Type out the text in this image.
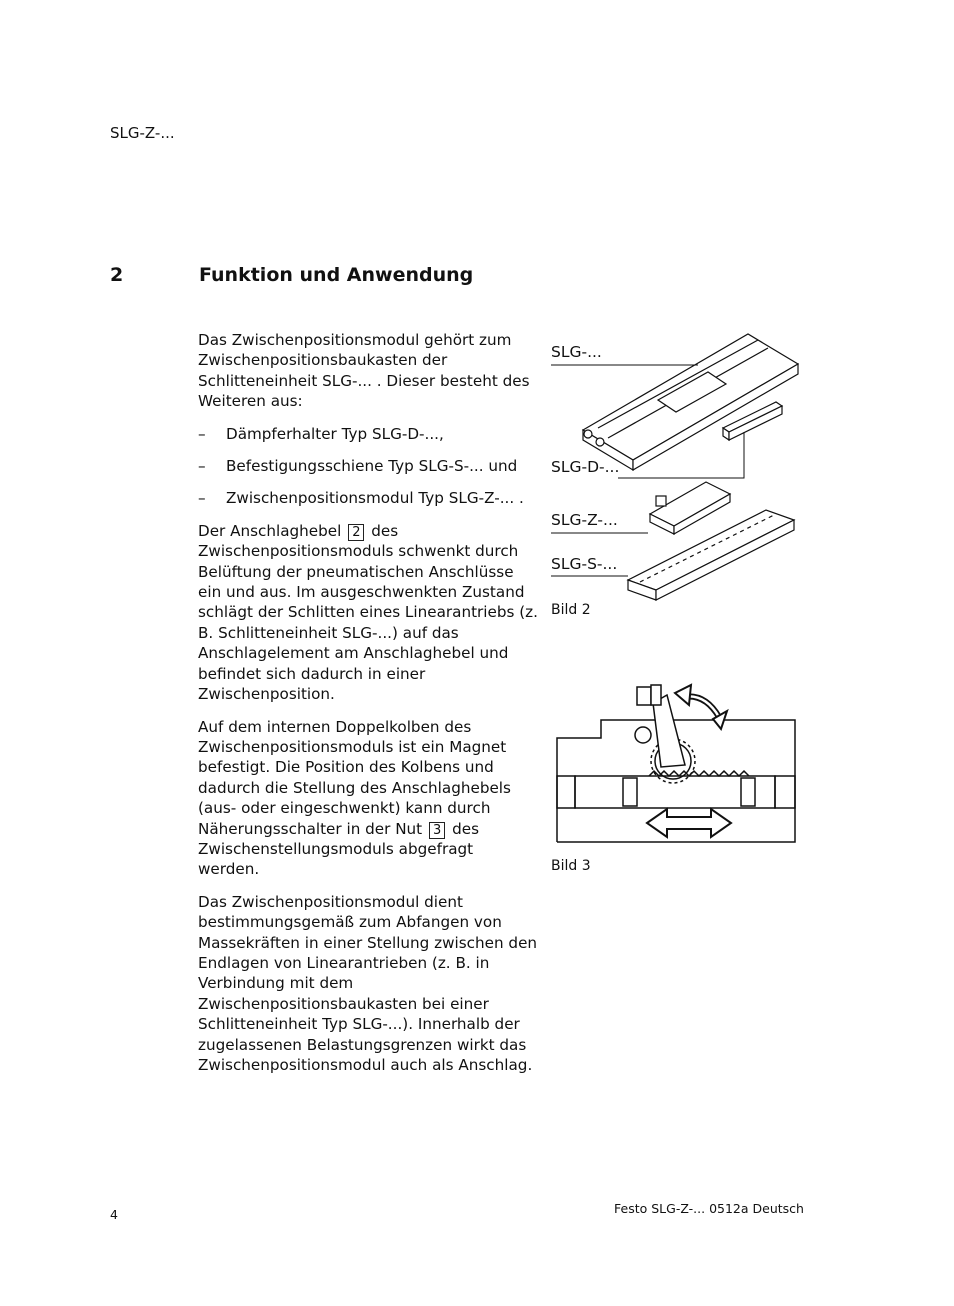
SLG-Z-...
2	Funktion und Anwendung

Das Zwischenpositionsmodul gehört zum Zwischenpositionsbaukasten der Schlitteneinheit SLG-... . Dieser besteht des Weiteren aus:

–	Dämpferhalter Typ SLG-D-...,
–	Befestigungsschiene Typ SLG-S-... und
–	Zwischenpositionsmodul Typ SLG-Z-... .

Der Anschlaghebel 2 des Zwischenpositionsmoduls schwenkt durch Belüftung der pneumatischen Anschlüsse ein und aus. Im ausgeschwenkten Zustand schlägt der Schlitten eines Linearantriebs (z. B. Schlitteneinheit SLG-...) auf das Anschlagelement am Anschlaghebel und befindet sich dadurch in einer Zwischenposition.

Auf dem internen Doppelkolben des Zwischenpositionsmoduls ist ein Magnet befestigt. Die Position des Kolbens und dadurch die Stellung des Anschlaghebels (aus- oder eingeschwenkt) kann durch Näherungsschalter in der Nut 3 des Zwischenstellungsmoduls abgefragt werden.

Das Zwischenpositionsmodul dient bestimmungsgemäß zum Abfangen von Massekräften in einer Stellung zwischen den Endlagen von Linearantrieben (z. B. in Verbindung mit dem Zwischenpositionsbaukasten bei einer Schlitteneinheit Typ SLG-...). Innerhalb der zugelassenen Belastungsgrenzen wirkt das Zwischenpositionsmodul auch als Anschlag.

SLG-...
SLG-D-...
SLG-Z-...
SLG-S-...
Bild 2
Bild 3
4	Festo SLG-Z-... 0512a Deutsch
